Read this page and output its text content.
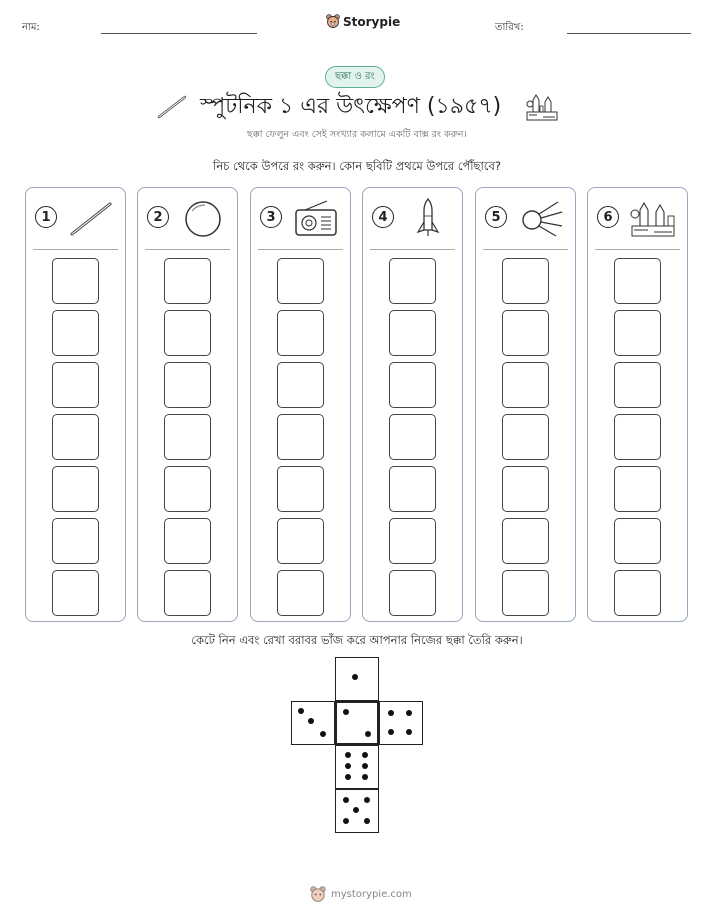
নাম:	Storypie	তারিখ:
ছক্কা ও রং
স্পুটনিক ১ এর উৎক্ষেপণ (১৯৫৭)
ছক্কা ফেলুন এবং সেই সংখ্যার কলামে একটি বাক্স রং করুন।
নিচ থেকে উপরে রং করুন। কোন ছবিটি প্রথমে উপরে পৌঁছাবে?
1	2	3	4	5	6
কেটে নিন এবং রেখা বরাবর ভাঁজ করে আপনার নিজের ছক্কা তৈরি করুন।
mystorypie.com
